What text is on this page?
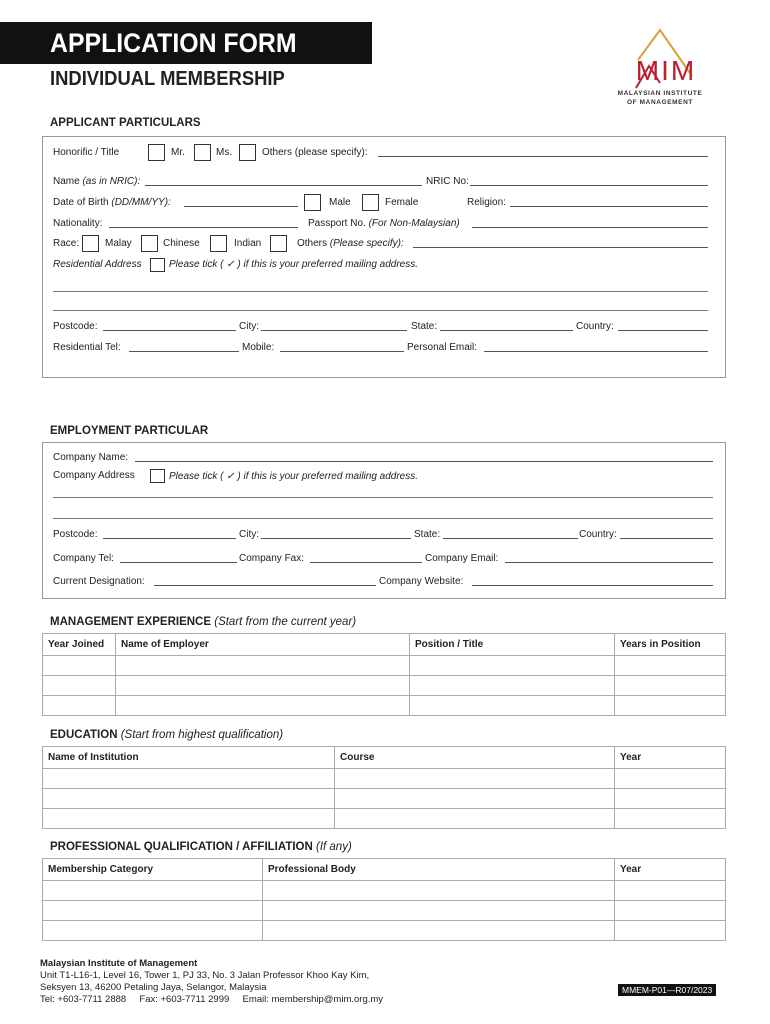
APPLICATION FORM
INDIVIDUAL MEMBERSHIP	MIM
MALAYSIAN INSTITUTE
OF MANAGEMENT
APPLICANT PARTICULARS
Honorific / Title	Mr.	Ms.	Others (please specify):
Name (as in NRIC):	NRIC No:
Date of Birth (DD/MM/YY):	Male	Female	Religion:
Nationality:	Passport No. (For Non-Malaysian)
Race:	Malay	Chinese	Indian	Others (Please specify):
Residential Address	Please tick ( ✓ ) if this is your preferred mailing address.
Postcode:	City:	State:	Country:
Residential Tel:	Mobile:	Personal Email:
EMPLOYMENT PARTICULAR
Company Name:
Company Address	Please tick ( ✓ ) if this is your preferred mailing address.
Postcode:	City:	State:	Country:
Company Tel:	Company Fax:	Company Email:
Current Designation:	Company Website:
MANAGEMENT EXPERIENCE (Start from the current year)
Year Joined	Name of Employer	Position / Title	Years in Position

EDUCATION (Start from highest qualification)
Name of Institution	Course	Year

PROFESSIONAL QUALIFICATION / AFFILIATION (If any)
Membership Category	Professional Body	Year

Malaysian Institute of Management
Unit T1-L16-1, Level 16, Tower 1, PJ 33, No. 3 Jalan Professor Khoo Kay Kim,
Seksyen 13, 46200 Petaling Jaya, Selangor, Malaysia
Tel: +603-7711 2888 Fax: +603-7711 2999 Email: membership@mim.org.my
MMEM-P01—R07/2023
